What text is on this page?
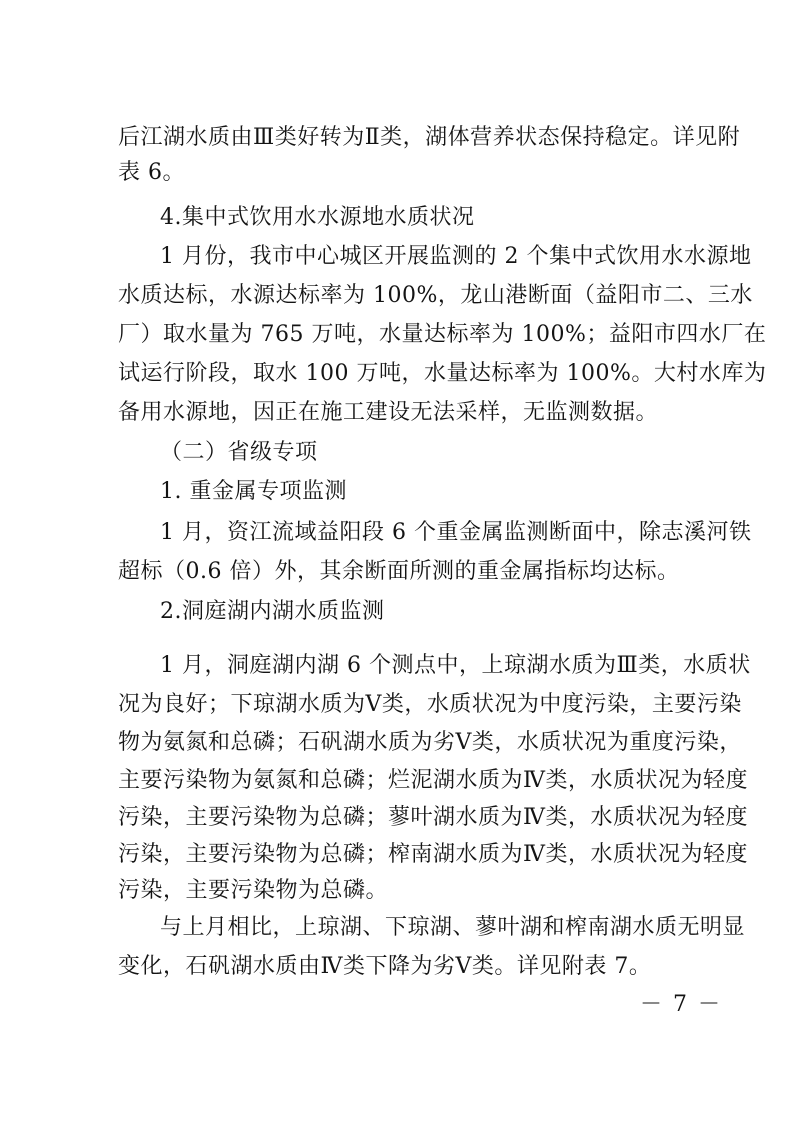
后江湖水质由Ⅲ类好转为Ⅱ类，湖体营养状态保持稳定。详见附
表 6。
4.集中式饮用水水源地水质状况
1 月份，我市中心城区开展监测的 2 个集中式饮用水水源地
水质达标，水源达标率为 100%，龙山港断面（益阳市二、三水
厂）取水量为 765 万吨，水量达标率为 100%；益阳市四水厂在
试运行阶段，取水 100 万吨，水量达标率为 100%。大村水库为
备用水源地，因正在施工建设无法采样，无监测数据。
（二）省级专项
1. 重金属专项监测
1 月，资江流域益阳段 6 个重金属监测断面中，除志溪河铁
超标（0.6 倍）外，其余断面所测的重金属指标均达标。
2.洞庭湖内湖水质监测
1 月，洞庭湖内湖 6 个测点中，上琼湖水质为Ⅲ类，水质状
况为良好；下琼湖水质为Ⅴ类，水质状况为中度污染，主要污染
物为氨氮和总磷；石矾湖水质为劣Ⅴ类，水质状况为重度污染，
主要污染物为氨氮和总磷；烂泥湖水质为Ⅳ类，水质状况为轻度
污染，主要污染物为总磷；蓼叶湖水质为Ⅳ类，水质状况为轻度
污染，主要污染物为总磷；榨南湖水质为Ⅳ类，水质状况为轻度
污染，主要污染物为总磷。
与上月相比，上琼湖、下琼湖、蓼叶湖和榨南湖水质无明显
变化，石矾湖水质由Ⅳ类下降为劣Ⅴ类。详见附表 7。
－ 7 －
